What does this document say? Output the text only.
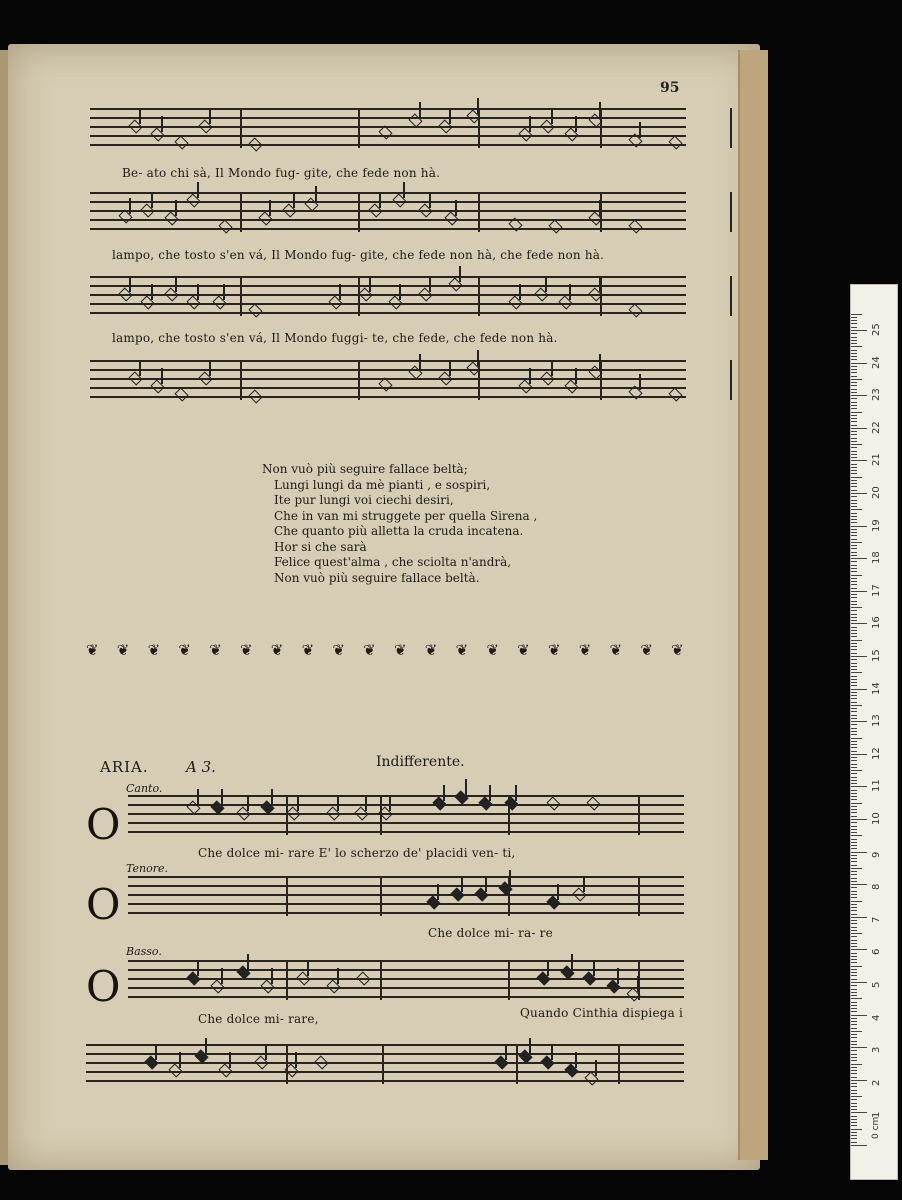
95
Be- ato chi sà, Il Mondo fug- gite, che fede non hà.
lampo, che tosto s'en vá, Il Mondo fug- gite, che fede non hà, che fede non hà.
lampo, che tosto s'en vá, Il Mondo fuggi- te, che fede, che fede non hà.
Non vuò più seguire fallace beltà;
Lungi lungi da mè pianti , e sospiri,
Ite pur lungi voi ciechi desiri,
Che in van mi struggete per quella Sirena ,
Che quanto più alletta la cruda incatena.
Hor si che sarà
Felice quest'alma , che sciolta n'andrà,
Non vuò più seguire fallace beltà.
❦ ❦ ❦ ❦ ❦ ❦ ❦ ❦ ❦ ❦ ❦ ❦ ❦ ❦ ❦ ❦ ❦ ❦ ❦ ❦
ARIA. A 3.	Indifferente.
Canto.
Tenore.
Basso.
O
O
O
Che dolce mi- rare E' lo scherzo de' placidi ven- ti,
Che dolce mi- ra- re
Che dolce mi- rare,	Quando Cinthia dispiega i
0 cm
1
2
3
4
5
6
7
8
9
10
11
12
13
14
15
16
17
18
19
20
21
22
23
24
25
